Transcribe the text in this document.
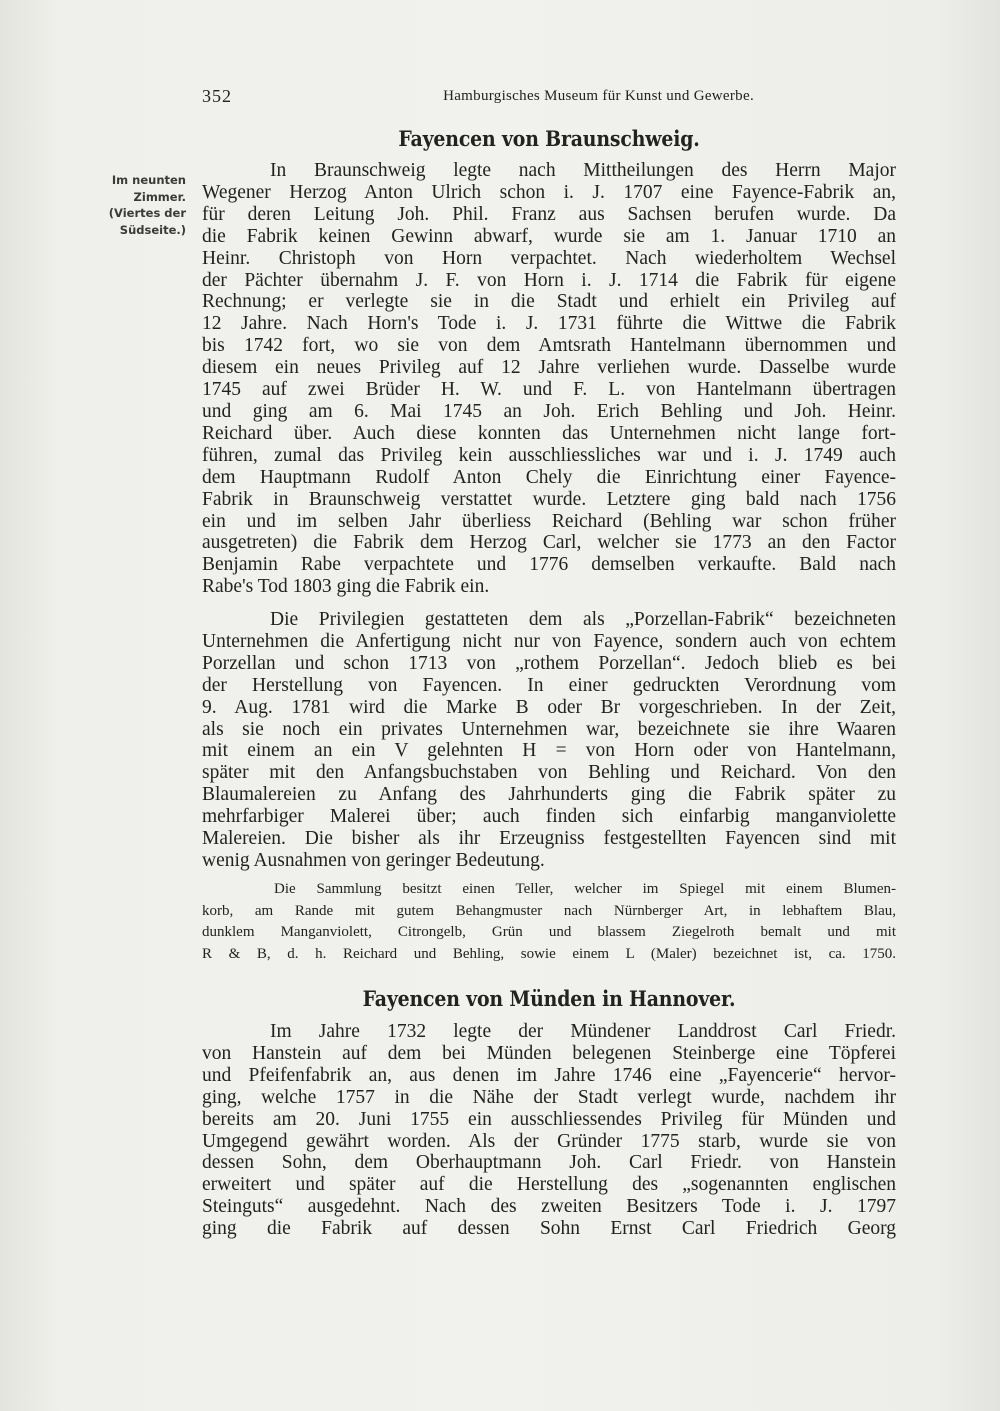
352	Hamburgisches Museum für Kunst und Gewerbe.
Im neunten
Zimmer.
(Viertes der
Südseite.)
Fayencen von Braunschweig.
In Braunschweig legte nach Mittheilungen des Herrn Major
Wegener Herzog Anton Ulrich schon i. J. 1707 eine Fayence-Fabrik an,
für deren Leitung Joh. Phil. Franz aus Sachsen berufen wurde. Da
die Fabrik keinen Gewinn abwarf, wurde sie am 1. Januar 1710 an
Heinr. Christoph von Horn verpachtet. Nach wiederholtem Wechsel
der Pächter übernahm J. F. von Horn i. J. 1714 die Fabrik für eigene
Rechnung; er verlegte sie in die Stadt und erhielt ein Privileg auf
12 Jahre. Nach Horn's Tode i. J. 1731 führte die Wittwe die Fabrik
bis 1742 fort, wo sie von dem Amtsrath Hantelmann übernommen und
diesem ein neues Privileg auf 12 Jahre verliehen wurde. Dasselbe wurde
1745 auf zwei Brüder H. W. und F. L. von Hantelmann übertragen
und ging am 6. Mai 1745 an Joh. Erich Behling und Joh. Heinr.
Reichard über. Auch diese konnten das Unternehmen nicht lange fort-
führen, zumal das Privileg kein ausschliessliches war und i. J. 1749 auch
dem Hauptmann Rudolf Anton Chely die Einrichtung einer Fayence-
Fabrik in Braunschweig verstattet wurde. Letztere ging bald nach 1756
ein und im selben Jahr überliess Reichard (Behling war schon früher
ausgetreten) die Fabrik dem Herzog Carl, welcher sie 1773 an den Factor
Benjamin Rabe verpachtete und 1776 demselben verkaufte. Bald nach
Rabe's Tod 1803 ging die Fabrik ein.
Die Privilegien gestatteten dem als „Porzellan-Fabrik“ bezeichneten
Unternehmen die Anfertigung nicht nur von Fayence, sondern auch von echtem
Porzellan und schon 1713 von „rothem Porzellan“. Jedoch blieb es bei
der Herstellung von Fayencen. In einer gedruckten Verordnung vom
9. Aug. 1781 wird die Marke B oder Br vorgeschrieben. In der Zeit,
als sie noch ein privates Unternehmen war, bezeichnete sie ihre Waaren
mit einem an ein V gelehnten H = von Horn oder von Hantelmann,
später mit den Anfangsbuchstaben von Behling und Reichard. Von den
Blaumalereien zu Anfang des Jahrhunderts ging die Fabrik später zu
mehrfarbiger Malerei über; auch finden sich einfarbig manganviolette
Malereien. Die bisher als ihr Erzeugniss festgestellten Fayencen sind mit
wenig Ausnahmen von geringer Bedeutung.
Die Sammlung besitzt einen Teller, welcher im Spiegel mit einem Blumen-
korb, am Rande mit gutem Behangmuster nach Nürnberger Art, in lebhaftem Blau,
dunklem Manganviolett, Citrongelb, Grün und blassem Ziegelroth bemalt und mit
R & B, d. h. Reichard und Behling, sowie einem L (Maler) bezeichnet ist, ca. 1750.
Fayencen von Münden in Hannover.
Im Jahre 1732 legte der Mündener Landdrost Carl Friedr.
von Hanstein auf dem bei Münden belegenen Steinberge eine Töpferei
und Pfeifenfabrik an, aus denen im Jahre 1746 eine „Fayencerie“ hervor-
ging, welche 1757 in die Nähe der Stadt verlegt wurde, nachdem ihr
bereits am 20. Juni 1755 ein ausschliessendes Privileg für Münden und
Umgegend gewährt worden. Als der Gründer 1775 starb, wurde sie von
dessen Sohn, dem Oberhauptmann Joh. Carl Friedr. von Hanstein
erweitert und später auf die Herstellung des „sogenannten englischen
Steinguts“ ausgedehnt. Nach des zweiten Besitzers Tode i. J. 1797
ging die Fabrik auf dessen Sohn Ernst Carl Friedrich Georg
